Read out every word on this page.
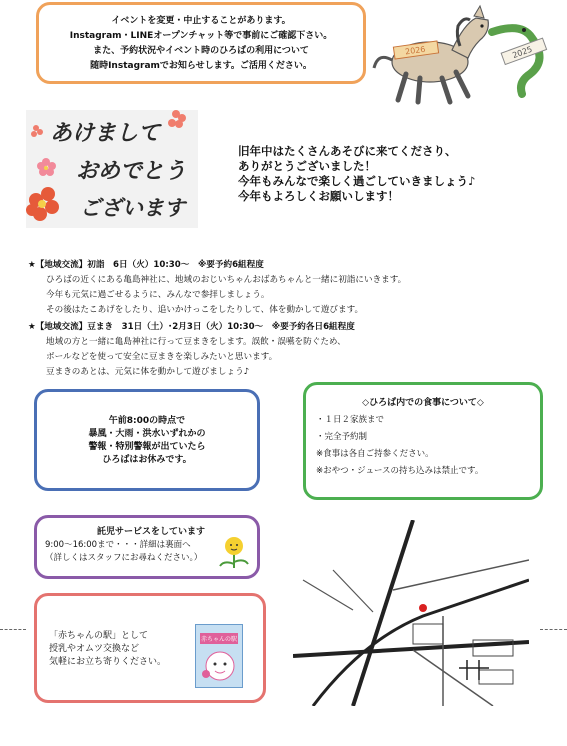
イベントを変更・中止することがあります。
Instagram・LINEオープンチャット等で事前にご確認下さい。
また、予約状況やイベント時のひろばの利用について
随時Instagramでお知らせします。ご活用ください。
2026	2025
あけまして
おめでとう
ございます
旧年中はたくさんあそびに来てくださり、
ありがとうございました！
今年もみんなで楽しく過ごしていきましょう♪
今年もよろしくお願いします！
★【地域交流】初詣　6日（火）10:30～　※要予約6組程度
ひろばの近くにある亀島神社に、地域のおじいちゃんおばあちゃんと一緒に初詣にいきます。
今年も元気に過ごせるように、みんなで参拝しましょう。
その後はたこあげをしたり、追いかけっこをしたりして、体を動かして遊びます。
★【地域交流】豆まき　31日（土）･2月3日（火）10:30～　※要予約各日6組程度
地域の方と一緒に亀島神社に行って豆まきをします。誤飲・誤嚥を防ぐため、
ボールなどを使って安全に豆まきを楽しみたいと思います。
豆まきのあとは、元気に体を動かして遊びましょう♪
午前8:00の時点で
暴風・大雨・洪水いずれかの
警報・特別警報が出ていたら
ひろばはお休みです。
◇ひろば内での食事について◇
・１日２家族まで
・完全予約制
※食事は各自ご持参ください。
※おやつ・ジュースの持ち込みは禁止です。
託児サービスをしています
9:00～16:00まで・・・詳細は裏面へ
（詳しくはスタッフにお尋ねください。）
「赤ちゃんの駅」として
授乳やオムツ交換など
気軽にお立ち寄りください。
赤ちゃんの駅
